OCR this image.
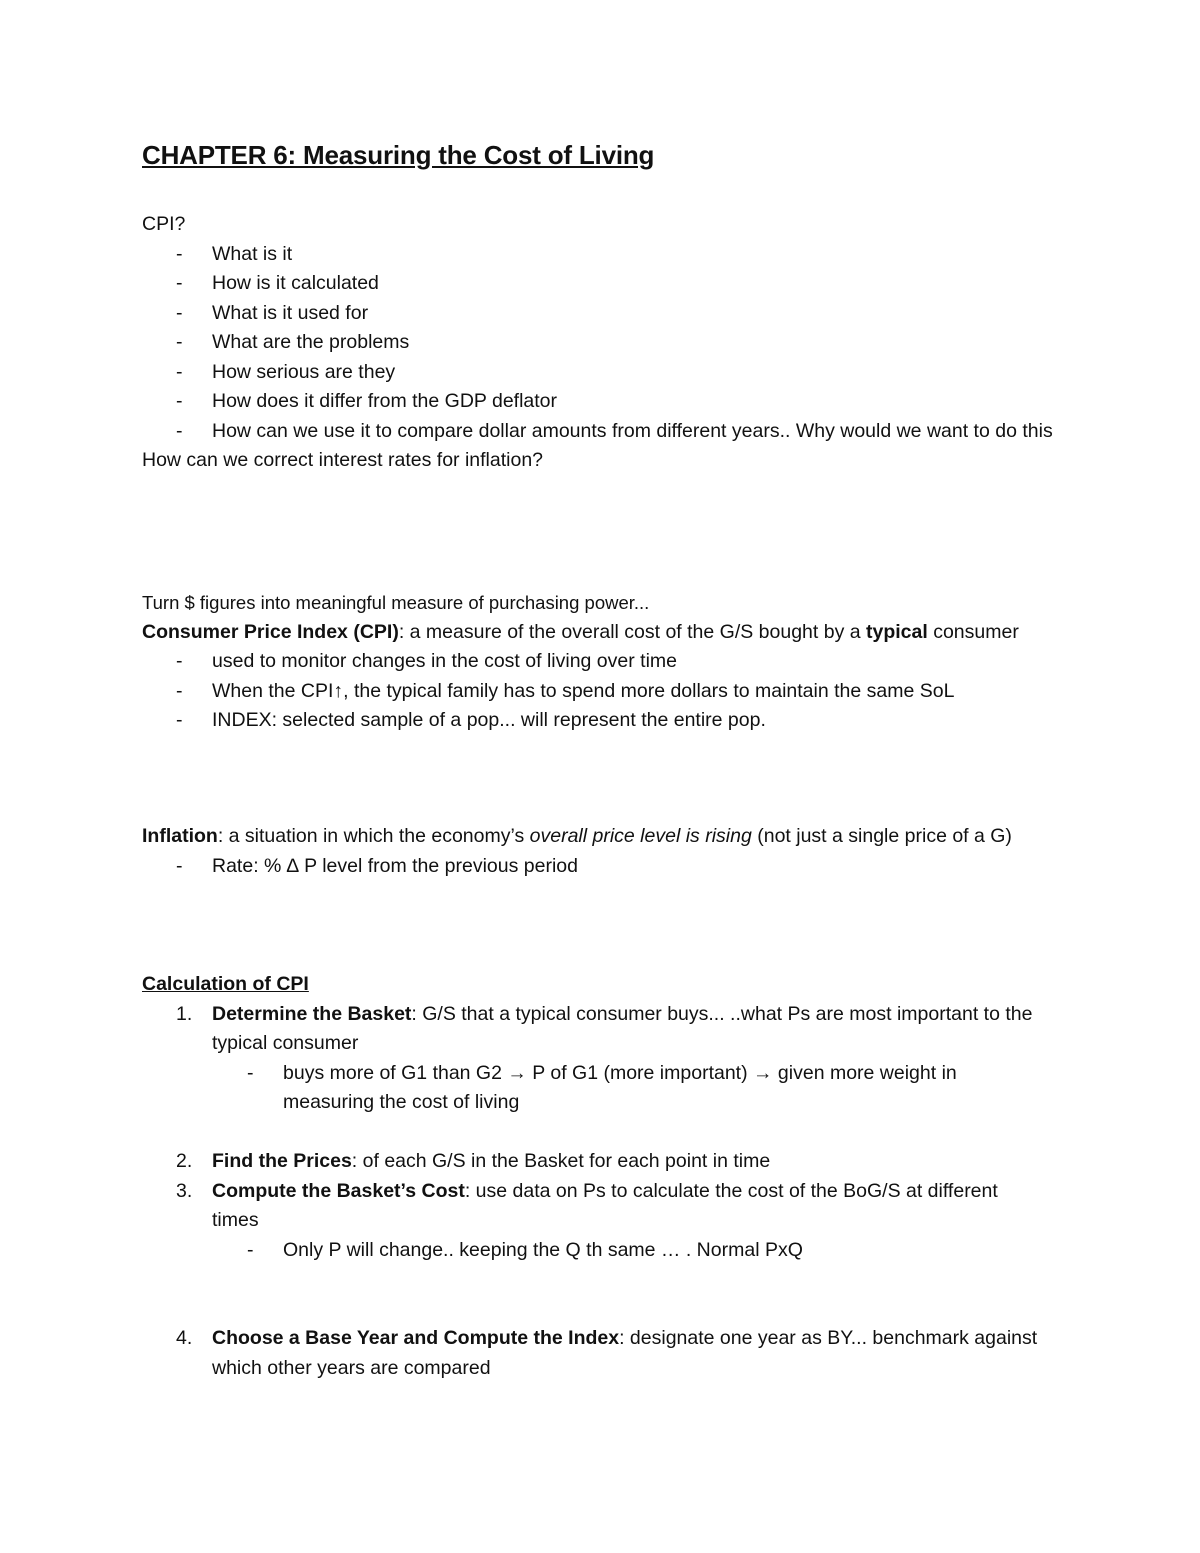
CHAPTER 6: Measuring the Cost of Living
CPI?
- What is it
- How is it calculated
- What is it used for
- What are the problems
- How serious are they
- How does it differ from the GDP deflator
- How can we use it to compare dollar amounts from different years.. Why would we want to do this
How can we correct interest rates for inflation?
Turn $ figures into meaningful measure of purchasing power...
Consumer Price Index (CPI): a measure of the overall cost of the G/S bought by a typical consumer
- used to monitor changes in the cost of living over time
- When the CPI↑, the typical family has to spend more dollars to maintain the same SoL
- INDEX: selected sample of a pop... will represent the entire pop.
Inflation: a situation in which the economy’s overall price level is rising (not just a single price of a G)
- Rate: % ∆ P level from the previous period
Calculation of CPI
1. Determine the Basket: G/S that a typical consumer buys... ..what Ps are most important to the typical consumer
- buys more of G1 than G2 → P of G1 (more important) → given more weight in measuring the cost of living
2. Find the Prices: of each G/S in the Basket for each point in time
3. Compute the Basket’s Cost: use data on Ps to calculate the cost of the BoG/S at different times
- Only P will change.. keeping the Q th same … . Normal PxQ
4. Choose a Base Year and Compute the Index: designate one year as BY... benchmark against which other years are compared
